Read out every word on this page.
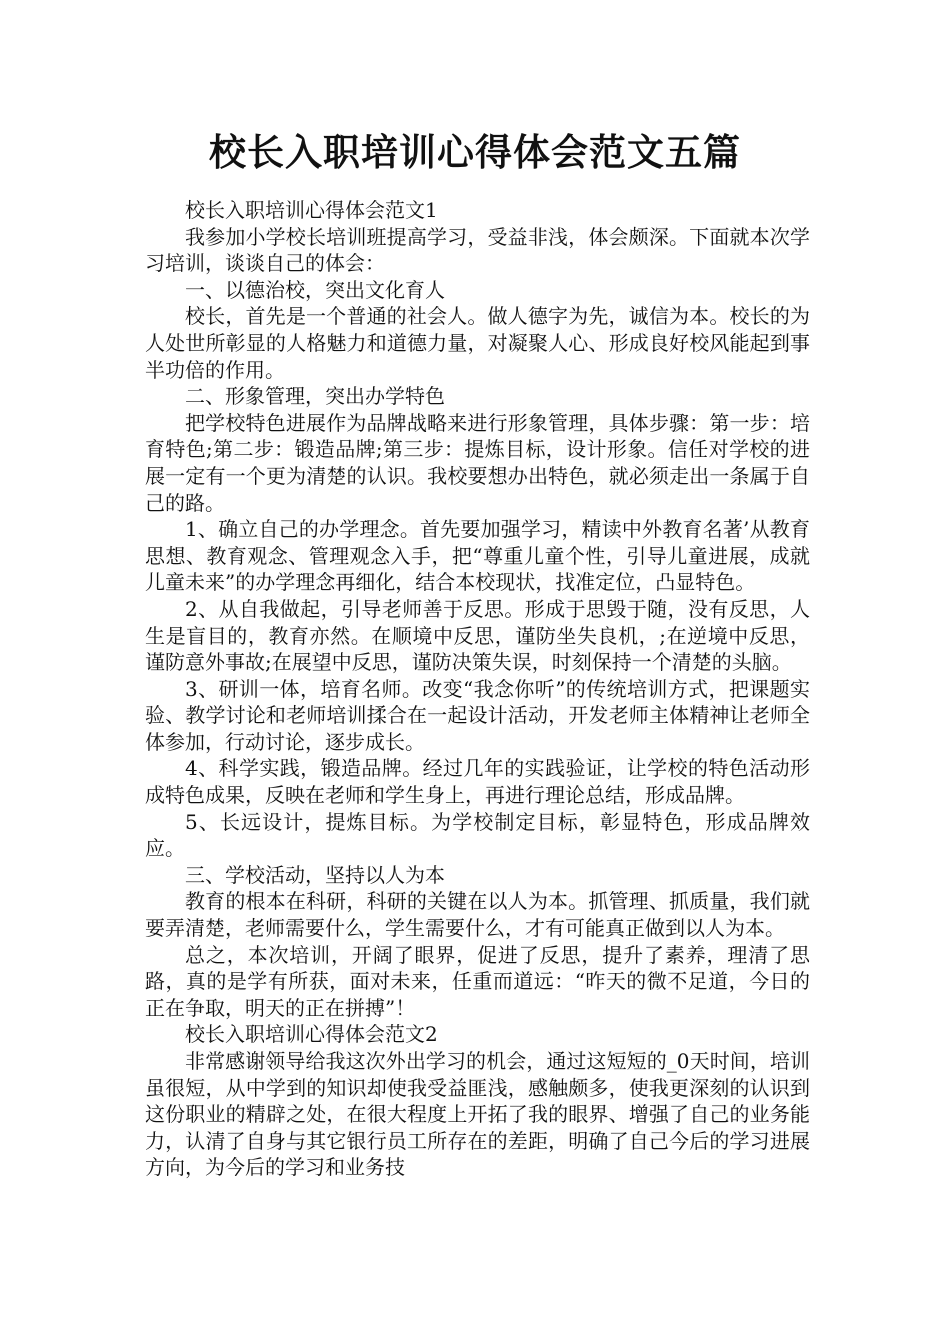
校长入职培训心得体会范文五篇

校长入职培训心得体会范文1

我参加小学校长培训班提高学习，受益非浅，体会颇深。下面就本次学习培训，谈谈自己的体会：

一、以德治校，突出文化育人

校长，首先是一个普通的社会人。做人德字为先，诚信为本。校长的为人处世所彰显的人格魅力和道德力量，对凝聚人心、形成良好校风能起到事半功倍的作用。

二、形象管理，突出办学特色

把学校特色进展作为品牌战略来进行形象管理，具体步骤：第一步：培育特色;第二步：锻造品牌;第三步：提炼目标，设计形象。信任对学校的进展一定有一个更为清楚的认识。我校要想办出特色，就必须走出一条属于自己的路。

1、确立自己的办学理念。首先要加强学习，精读中外教育名著’从教育思想、教育观念、管理观念入手，把“尊重儿童个性，引导儿童进展，成就儿童未来”的办学理念再细化，结合本校现状，找准定位，凸显特色。

2、从自我做起，引导老师善于反思。形成于思毁于随，没有反思，人生是盲目的，教育亦然。在顺境中反思，谨防坐失良机，;在逆境中反思，谨防意外事故;在展望中反思，谨防决策失误，时刻保持一个清楚的头脑。

3、研训一体，培育名师。改变“我念你听”的传统培训方式，把课题实验、教学讨论和老师培训揉合在一起设计活动，开发老师主体精神让老师全体参加，行动讨论，逐步成长。

4、科学实践，锻造品牌。经过几年的实践验证，让学校的特色活动形成特色成果，反映在老师和学生身上，再进行理论总结，形成品牌。

5、长远设计，提炼目标。为学校制定目标，彰显特色，形成品牌效应。

三、学校活动，坚持以人为本

教育的根本在科研，科研的关键在以人为本。抓管理、抓质量，我们就要弄清楚，老师需要什么，学生需要什么，才有可能真正做到以人为本。

总之，本次培训，开阔了眼界，促进了反思，提升了素养，理清了思路，真的是学有所获，面对未来，任重而道远：“昨天的微不足道，今日的正在争取，明天的正在拼搏”！

校长入职培训心得体会范文2

非常感谢领导给我这次外出学习的机会，通过这短短的_0天时间，培训虽很短，从中学到的知识却使我受益匪浅，感触颇多，使我更深刻的认识到这份职业的精辟之处，在很大程度上开拓了我的眼界、增强了自己的业务能力，认清了自身与其它银行员工所存在的差距，明确了自己今后的学习进展方向，为今后的学习和业务技
